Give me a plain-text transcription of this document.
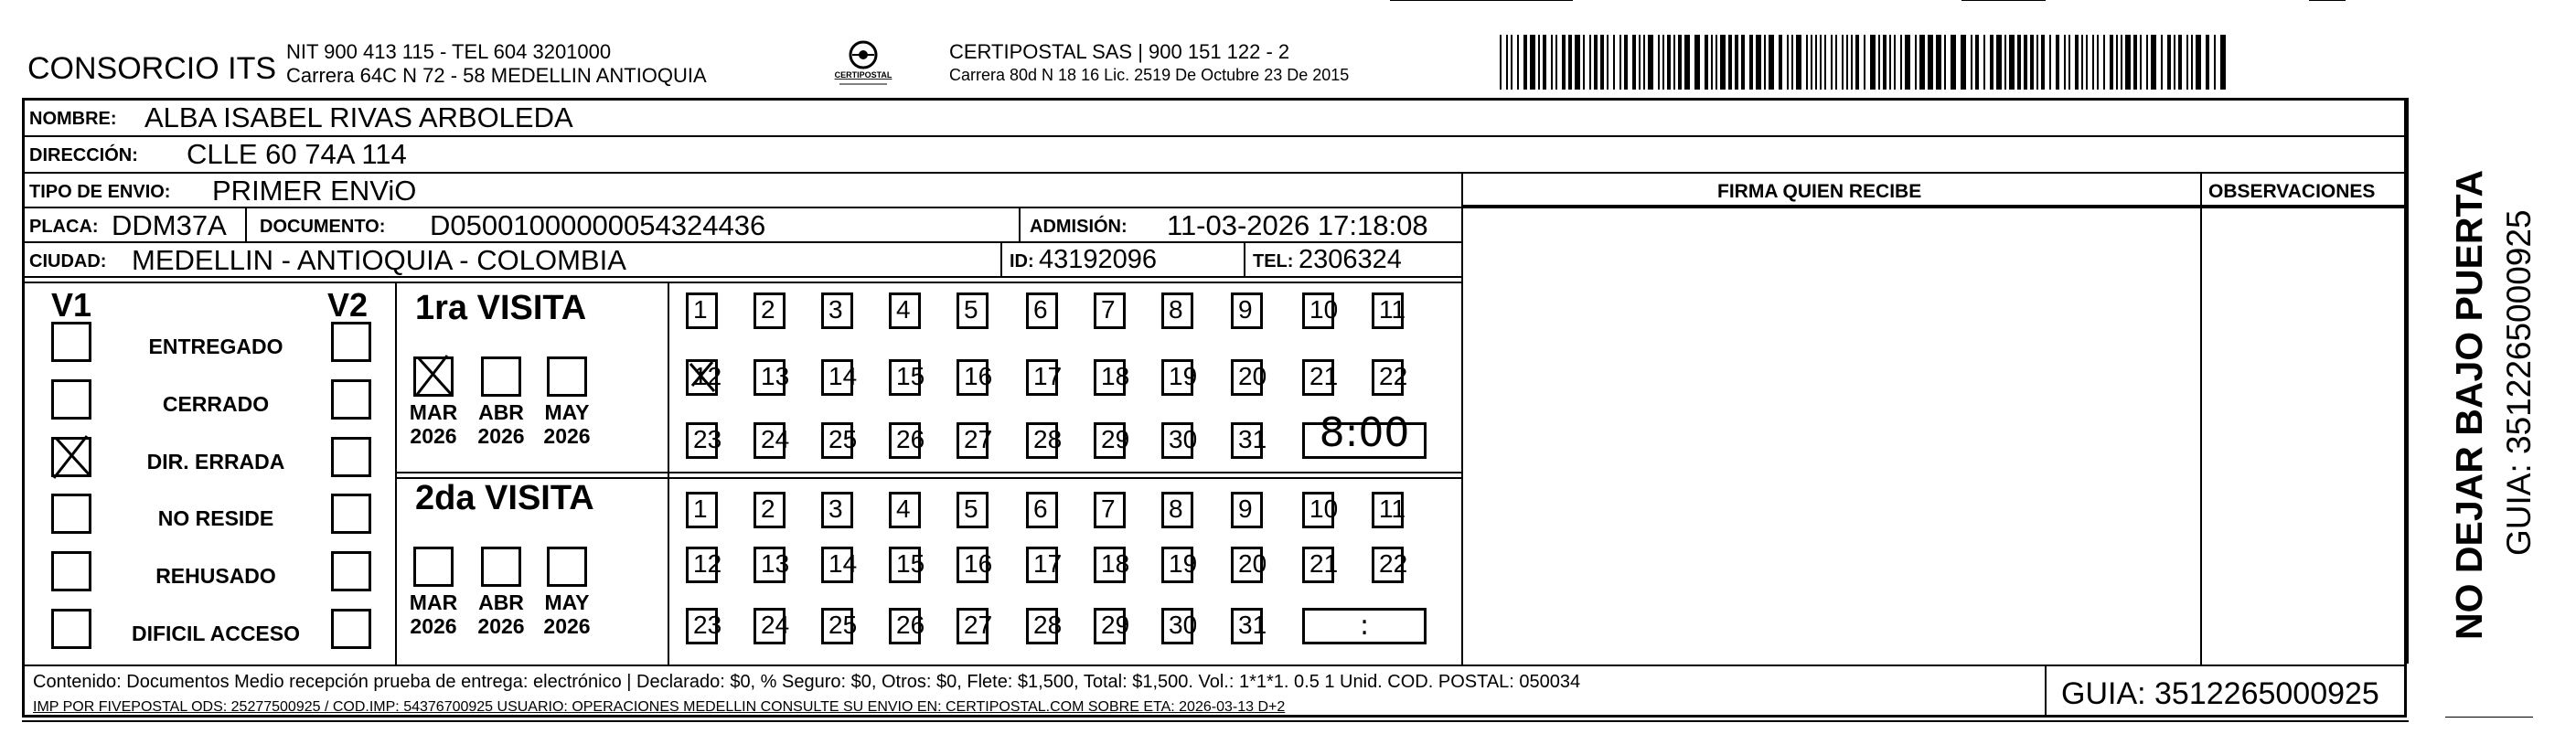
CONSORCIO ITS NIT 900 413 115 - TEL 604 3201000
Carrera 64C N 72 - 58 MEDELLIN ANTIOQUIA	CERTIPOSTAL
CERTIPOSTAL SAS | 900 151 122 - 2
Carrera 80d N 18 16 Lic. 2519 De Octubre 23 De 2015
NOMBRE: ALBA ISABEL RIVAS ARBOLEDA
DIRECCIÓN: CLLE 60 74A 114
TIPO DE ENVIO: PRIMER ENViO	FIRMA QUIEN RECIBE	OBSERVACIONES
PLACA: DDM37A DOCUMENTO: D05001000000054324436	ADMISIÓN: 11-03-2026 17:18:08
CIUDAD: MEDELLIN - ANTIOQUIA - COLOMBIA	ID: 43192096	TEL: 2306324
V1	V2
ENTREGADO
CERRADO
DIR. ERRADA
NO RESIDE
REHUSADO
DIFICIL ACCESO
1ra VISITA
MAR
2026
ABR
2026
MAY
2026
1	2	3	4	5	6	7	8	9	10 11
12 13 14 15 16 17 18 19 20 21 22
23 24 25 26 27 28 29 30 31	8:00
2da VISITA
MAR
2026
ABR
2026
MAY
2026
1	2	3	4	5	6	7	8	9	10 11
12 13 14 15 16 17 18 19 20 21 22
23 24 25 26 27 28 29 30 31	:
Contenido: Documentos Medio recepción prueba de entrega: electrónico | Declarado: $0, % Seguro: $0, Otros: $0, Flete: $1,500, Total: $1,500. Vol.: 1*1*1. 0.5 1 Unid. COD. POSTAL: 050034
IMP POR FIVEPOSTAL ODS: 25277500925 / COD.IMP: 54376700925 USUARIO: OPERACIONES MEDELLIN CONSULTE SU ENVIO EN: CERTIPOSTAL.COM SOBRE ETA: 2026-03-13 D+2	GUIA: 3512265000925
NO DEJAR BAJO PUERTA GUIA: 3512265000925
